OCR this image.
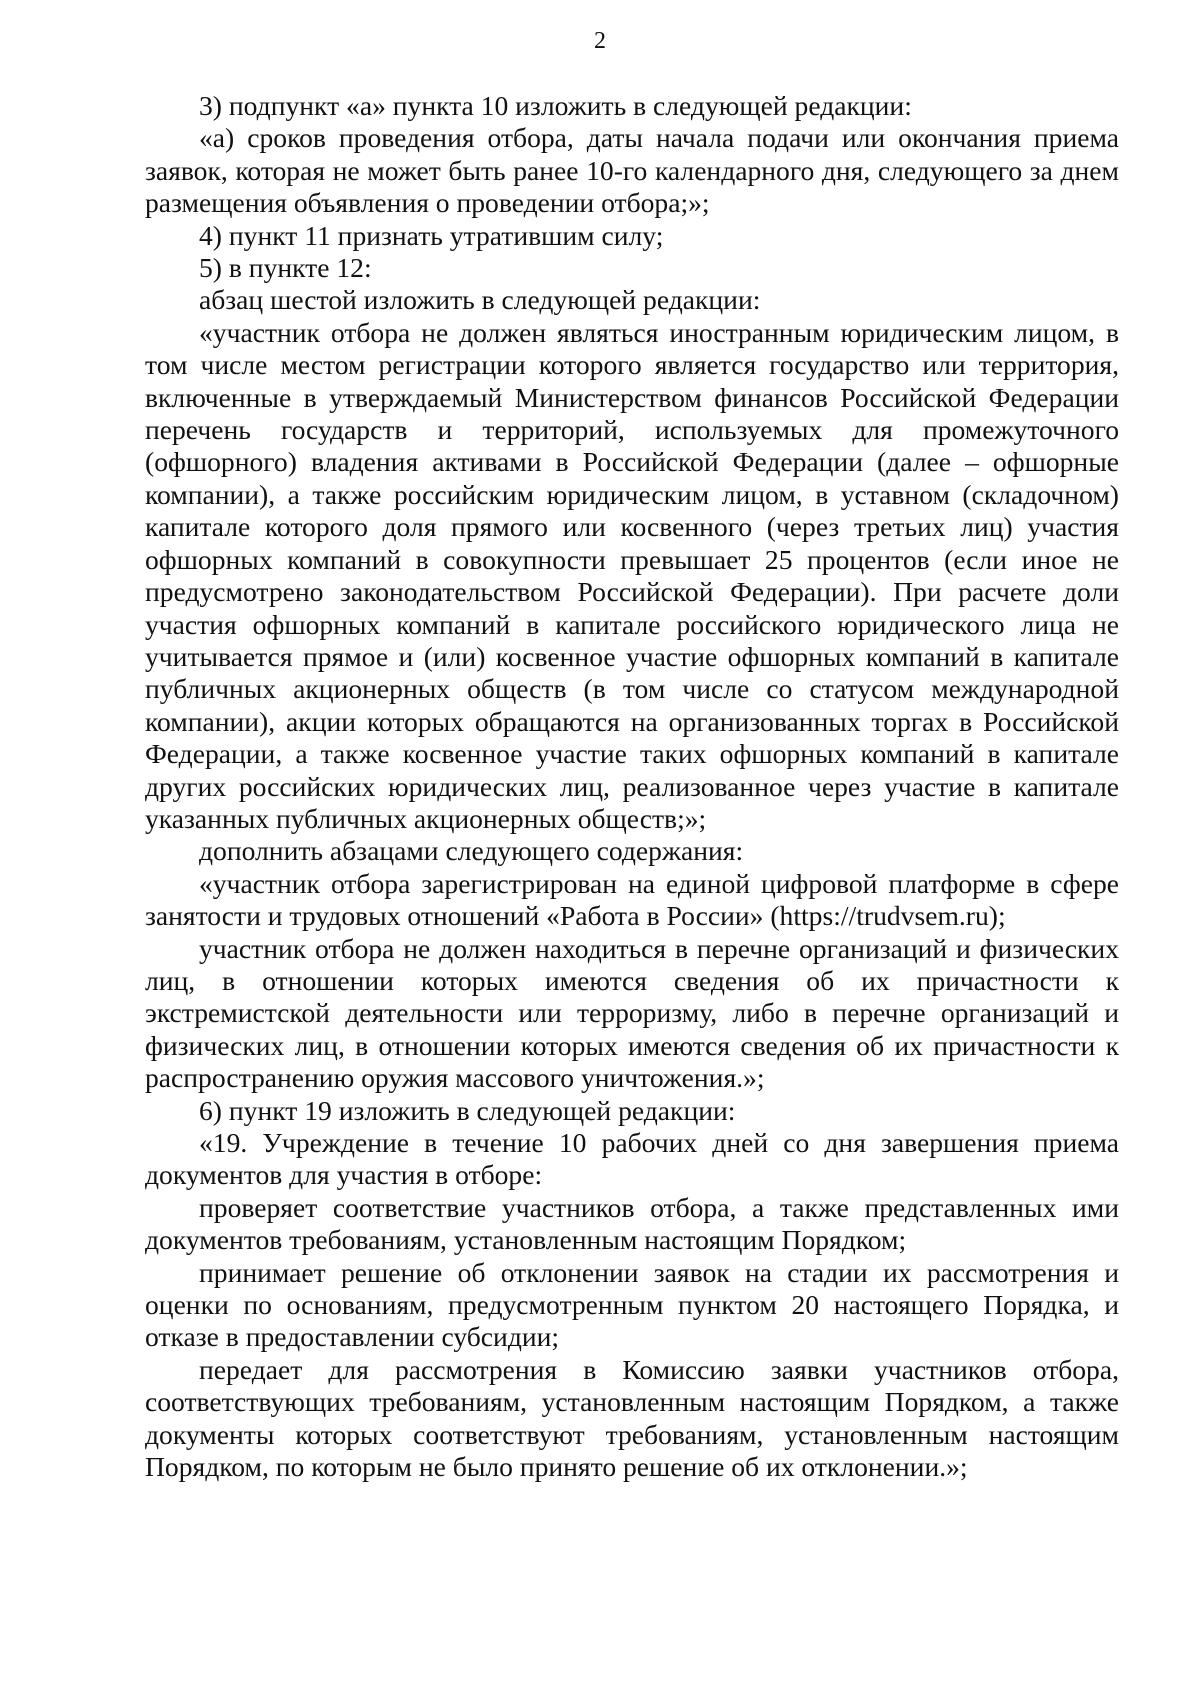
2

3) подпункт «а» пункта 10 изложить в следующей редакции:

«а) сроков проведения отбора, даты начала подачи или окончания приема заявок, которая не может быть ранее 10-го календарного дня, следующего за днем размещения объявления о проведении отбора;»;

4) пункт 11 признать утратившим силу;

5) в пункте 12:

абзац шестой изложить в следующей редакции:

«участник отбора не должен являться иностранным юридическим лицом, в том числе местом регистрации которого является государство или территория, включенные в утверждаемый Министерством финансов Российской Федерации перечень государств и территорий, используемых для промежуточного (офшорного) владения активами в Российской Федерации (далее – офшорные компании), а также российским юридическим лицом, в уставном (складочном) капитале которого доля прямого или косвенного (через третьих лиц) участия офшорных компаний в совокупности превышает 25 процентов (если иное не предусмотрено законодательством Российской Федерации). При расчете доли участия офшорных компаний в капитале российского юридического лица не учитывается прямое и (или) косвенное участие офшорных компаний в капитале публичных акционерных обществ (в том числе со статусом международной компании), акции которых обращаются на организованных торгах в Российской Федерации, а также косвенное участие таких офшорных компаний в капитале других российских юридических лиц, реализованное через участие в капитале указанных публичных акционерных обществ;»;

дополнить абзацами следующего содержания:

«участник отбора зарегистрирован на единой цифровой платформе в сфере занятости и трудовых отношений «Работа в России» (https://trudvsem.ru);

участник отбора не должен находиться в перечне организаций и физических лиц, в отношении которых имеются сведения об их причастности к экстремистской деятельности или терроризму, либо в перечне организаций и физических лиц, в отношении которых имеются сведения об их причастности к распространению оружия массового уничтожения.»;

6) пункт 19 изложить в следующей редакции:

«19. Учреждение в течение 10 рабочих дней со дня завершения приема документов для участия в отборе:

проверяет соответствие участников отбора, а также представленных ими документов требованиям, установленным настоящим Порядком;

принимает решение об отклонении заявок на стадии их рассмотрения и оценки по основаниям, предусмотренным пунктом 20 настоящего Порядка, и отказе в предоставлении субсидии;

передает для рассмотрения в Комиссию заявки участников отбора, соответствующих требованиям, установленным настоящим Порядком, а также документы которых соответствуют требованиям, установленным настоящим Порядком, по которым не было принято решение об их отклонении.»;
